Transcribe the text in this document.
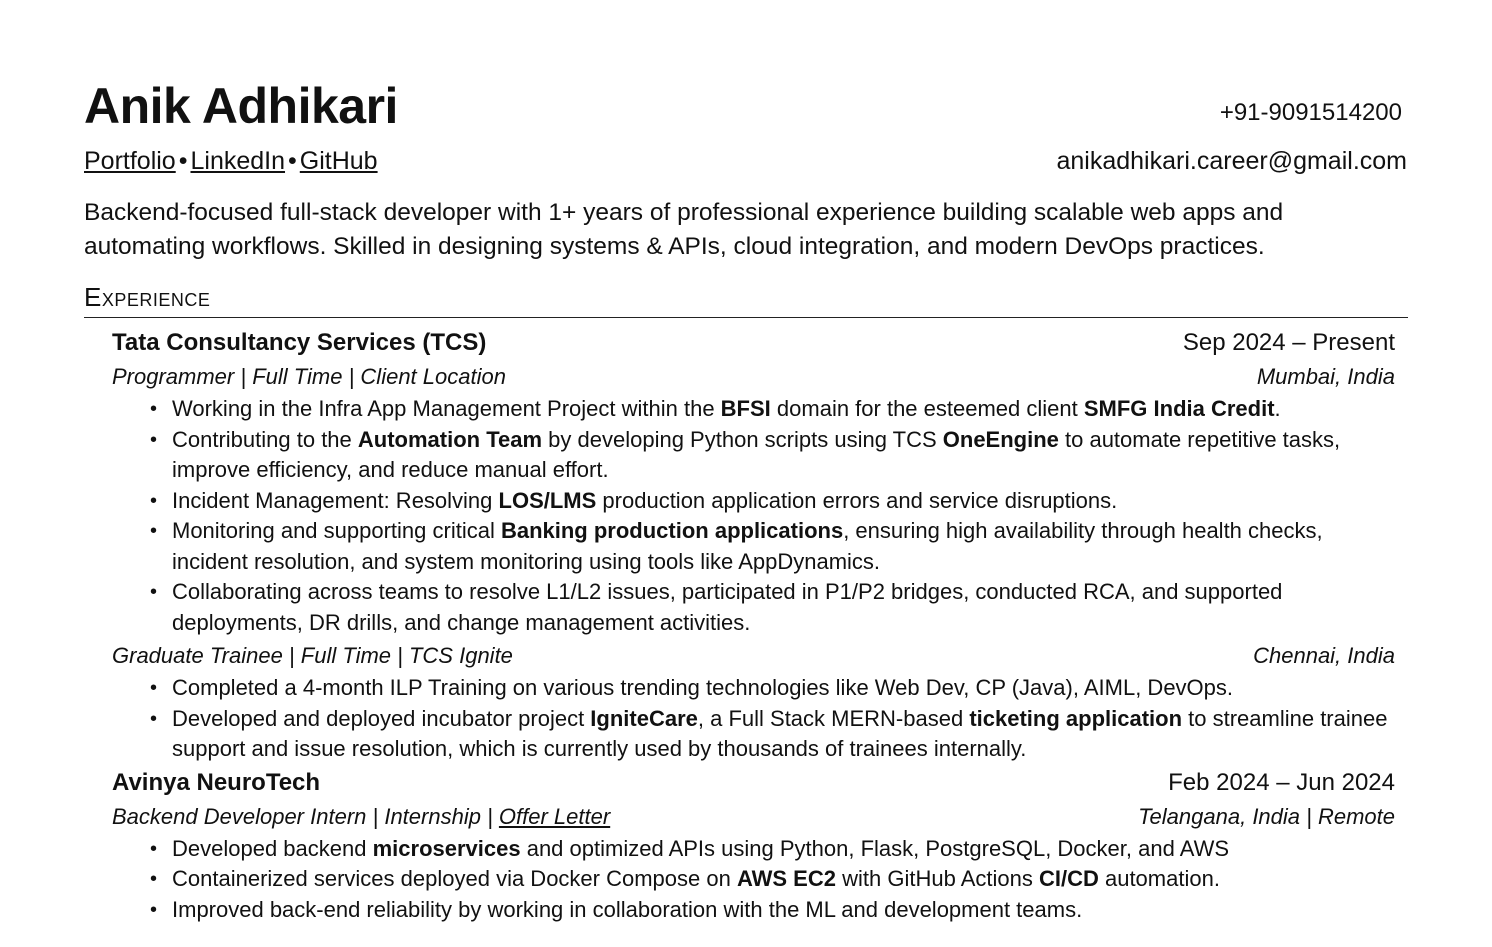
Anik Adhikari	+91-9091514200
Portfolio • LinkedIn • GitHub	anikadhikari.career@gmail.com
Backend-focused full-stack developer with 1+ years of professional experience building scalable web apps and
automating workflows. Skilled in designing systems & APIs, cloud integration, and modern DevOps practices.
Experience
Tata Consultancy Services (TCS)	Sep 2024 – Present
Programmer | Full Time | Client Location	Mumbai, India
• Working in the Infra App Management Project within the BFSI domain for the esteemed client SMFG India Credit.
• Contributing to the Automation Team by developing Python scripts using TCS OneEngine to automate repetitive tasks, improve efficiency, and reduce manual effort.
• Incident Management: Resolving LOS/LMS production application errors and service disruptions.
• Monitoring and supporting critical Banking production applications, ensuring high availability through health checks, incident resolution, and system monitoring using tools like AppDynamics.
• Collaborating across teams to resolve L1/L2 issues, participated in P1/P2 bridges, conducted RCA, and supported deployments, DR drills, and change management activities.
Graduate Trainee | Full Time | TCS Ignite	Chennai, India
• Completed a 4-month ILP Training on various trending technologies like Web Dev, CP (Java), AIML, DevOps.
• Developed and deployed incubator project IgniteCare, a Full Stack MERN-based ticketing application to streamline trainee support and issue resolution, which is currently used by thousands of trainees internally.
Avinya NeuroTech	Feb 2024 – Jun 2024
Backend Developer Intern | Internship | Offer Letter	Telangana, India | Remote
• Developed backend microservices and optimized APIs using Python, Flask, PostgreSQL, Docker, and AWS
• Containerized services deployed via Docker Compose on AWS EC2 with GitHub Actions CI/CD automation.
• Improved back-end reliability by working in collaboration with the ML and development teams.
